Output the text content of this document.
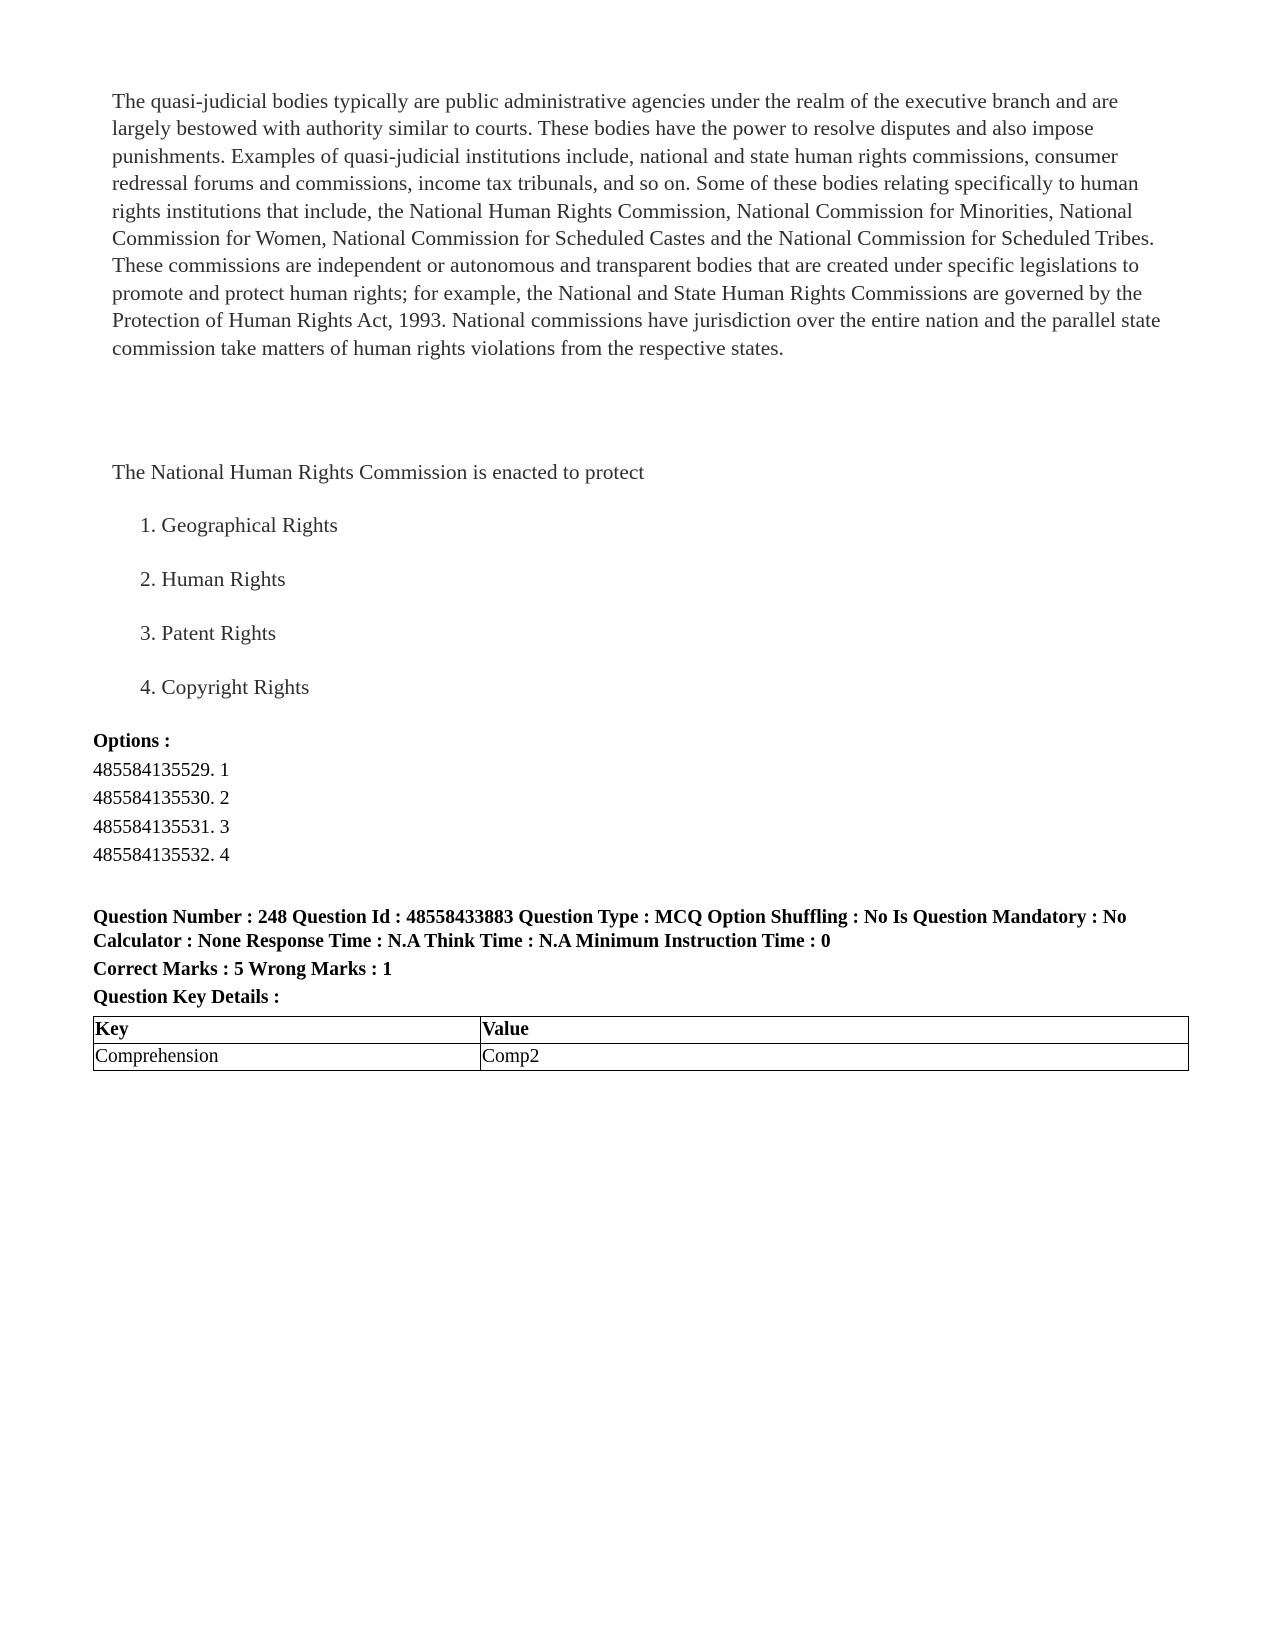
The quasi-judicial bodies typically are public administrative agencies under the realm of the executive branch and are largely bestowed with authority similar to courts. These bodies have the power to resolve disputes and also impose punishments. Examples of quasi-judicial institutions include, national and state human rights commissions, consumer redressal forums and commissions, income tax tribunals, and so on. Some of these bodies relating specifically to human rights institutions that include, the National Human Rights Commission, National Commission for Minorities, National Commission for Women, National Commission for Scheduled Castes and the National Commission for Scheduled Tribes. These commissions are independent or autonomous and transparent bodies that are created under specific legislations to promote and protect human rights; for example, the National and State Human Rights Commissions are governed by the Protection of Human Rights Act, 1993. National commissions have jurisdiction over the entire nation and the parallel state commission take matters of human rights violations from the respective states.
The National Human Rights Commission is enacted to protect
1. Geographical Rights
2. Human Rights
3. Patent Rights
4. Copyright Rights
Options :
485584135529. 1
485584135530. 2
485584135531. 3
485584135532. 4
Question Number : 248 Question Id : 48558433883 Question Type : MCQ Option Shuffling : No Is Question Mandatory : No Calculator : None Response Time : N.A Think Time : N.A Minimum Instruction Time : 0
Correct Marks : 5 Wrong Marks : 1
Question Key Details :
Key	Value
Comprehension	Comp2
